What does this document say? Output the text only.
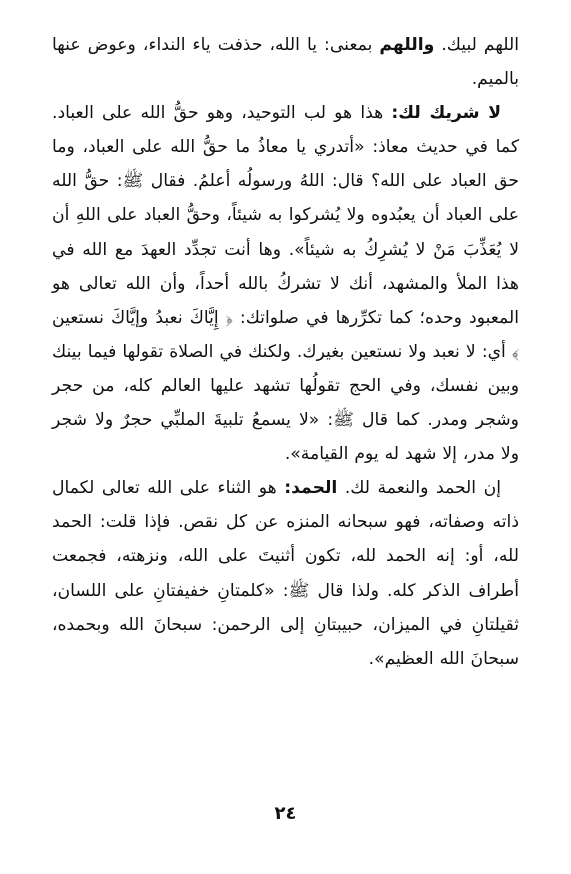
اللهم لبيك. واللهم بمعنى: يا الله، حذفت ياء النداء، وعوض عنها بالميم.

لا شريك لك: هذا هو لب التوحيد، وهو حقُّ الله على العباد. كما في حديث معاذ: «أتدري يا معاذُ ما حقُّ الله على العباد، وما حق العباد على الله؟ قال: اللهُ ورسولُه أعلمُ. فقال ﷺ: حقُّ الله على العباد أن يعبُدوه ولا يُشركوا به شيئاً، وحقُّ العباد على اللهِ أن لا يُعَذِّبَ مَنْ لا يُشرِكُ به شيئاً». وها أنت تجدِّد العهدَ مع الله في هذا الملأ والمشهد، أنك لا تشركُ بالله أحداً، وأن الله تعالى هو المعبود وحده؛ كما تكرِّرها في صلواتك: ﴿ إِيَّاكَ نعبدُ وإيَّاكَ نستعين ﴾ أي: لا نعبد ولا نستعين بغيرك. ولكنك في الصلاة تقولها فيما بينك وبين نفسك، وفي الحج تقولُها تشهد عليها العالم كله، من حجر وشجر ومدر. كما قال ﷺ: «لا يسمعُ تلبيةَ الملبِّي حجرٌ ولا شجر ولا مدر، إلا شهد له يوم القيامة».

إن الحمد والنعمة لك. الحمد: هو الثناء على الله تعالى لكمال ذاته وصفاته، فهو سبحانه المنزه عن كل نقص. فإذا قلت: الحمد لله، أو: إنه الحمد لله، تكون أثنيتَ على الله، ونزهته، فجمعت أطراف الذكر كله. ولذا قال ﷺ: «كلمتانِ خفيفتانِ على اللسان، ثقيلتانِ في الميزان، حبيبتانِ إلى الرحمن: سبحانَ الله وبحمده، سبحانَ الله العظيم».

٢٤
